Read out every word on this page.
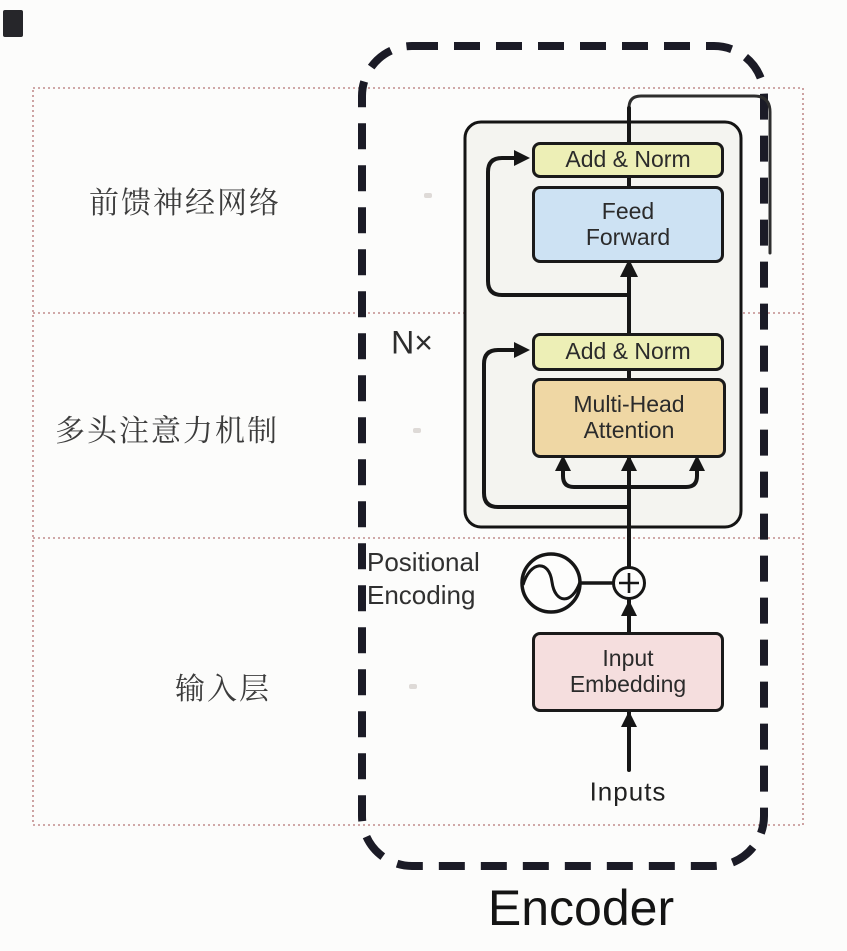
前馈神经网络
多头注意力机制
输入层
N×
Add & Norm
Feed
Forward
Add & Norm
Multi-Head
Attention
Input
Embedding
Positional
Encoding
Inputs
Encoder
